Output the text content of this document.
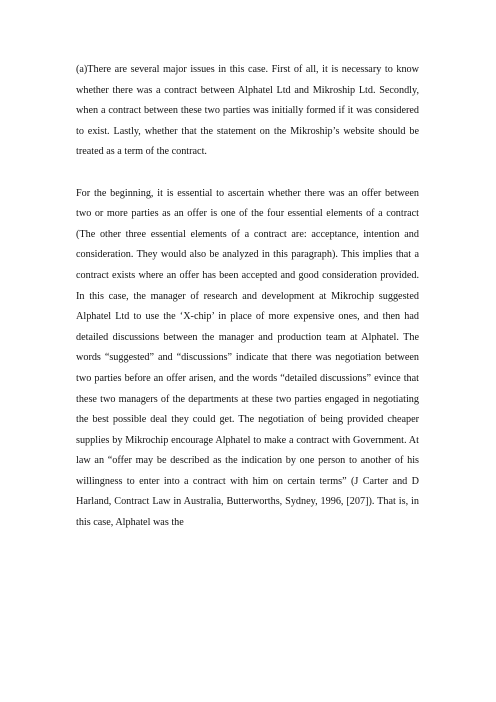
(a)There are several major issues in this case. First of all, it is necessary to know whether there was a contract between Alphatel Ltd and Mikroship Ltd. Secondly, when a contract between these two parties was initially formed if it was considered to exist. Lastly, whether that the statement on the Mikroship’s website should be treated as a term of the contract.

For the beginning, it is essential to ascertain whether there was an offer between two or more parties as an offer is one of the four essential elements of a contract (The other three essential elements of a contract are: acceptance, intention and consideration. They would also be analyzed in this paragraph). This implies that a contract exists where an offer has been accepted and good consideration provided. In this case, the manager of research and development at Mikrochip suggested Alphatel Ltd to use the ‘X-chip’ in place of more expensive ones, and then had detailed discussions between the manager and production team at Alphatel. The words “suggested” and “discussions” indicate that there was negotiation between two parties before an offer arisen, and the words “detailed discussions” evince that these two managers of the departments at these two parties engaged in negotiating the best possible deal they could get. The negotiation of being provided cheaper supplies by Mikrochip encourage Alphatel to make a contract with Government. At law an “offer may be described as the indication by one person to another of his willingness to enter into a contract with him on certain terms” (J Carter and D Harland, Contract Law in Australia, Butterworths, Sydney, 1996, [207]). That is, in this case, Alphatel was the
